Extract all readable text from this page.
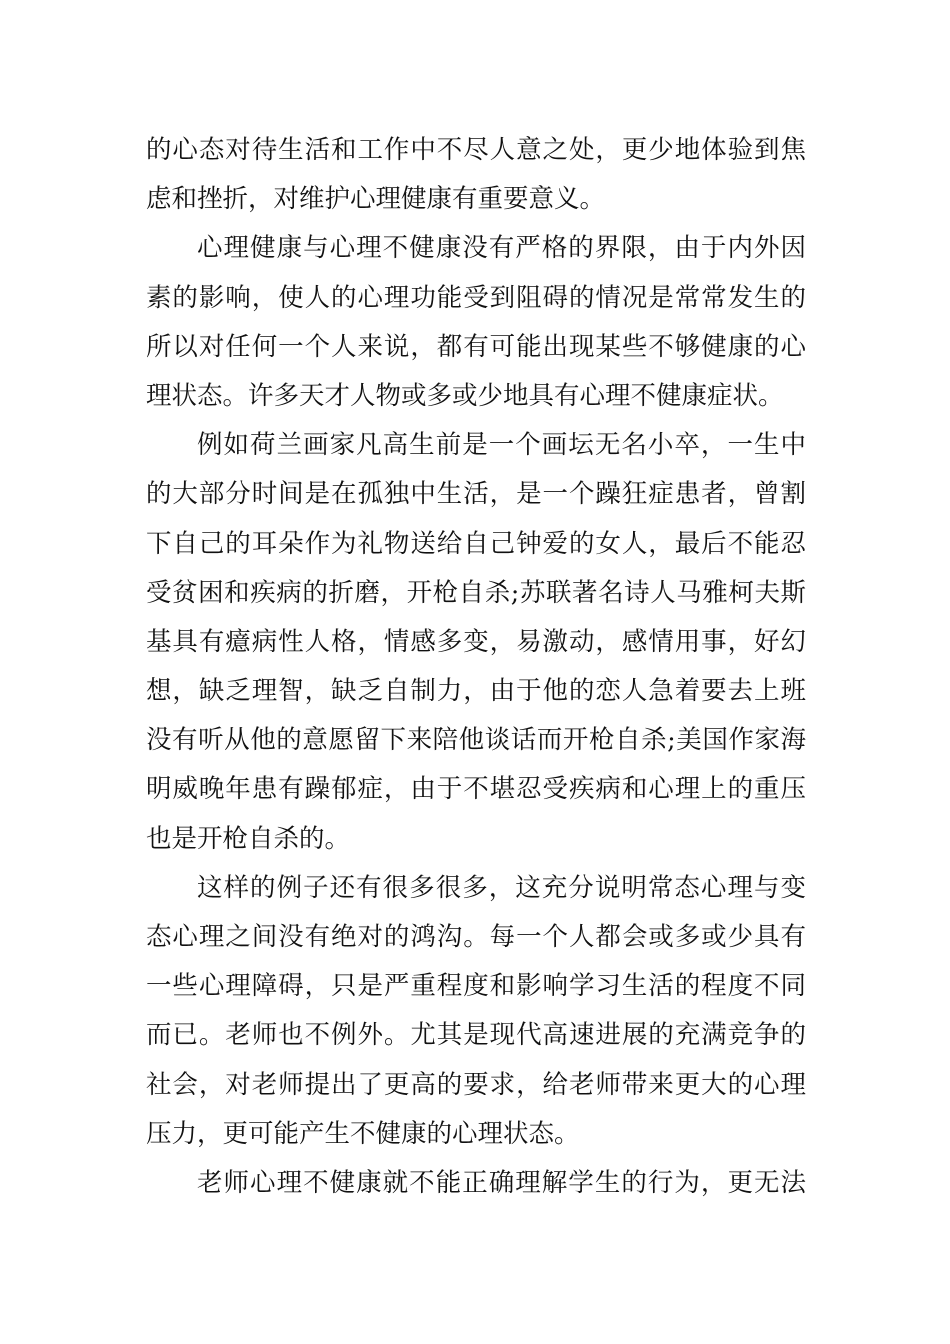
的心态对待生活和工作中不尽人意之处，更少地体验到焦
虑和挫折，对维护心理健康有重要意义。
心理健康与心理不健康没有严格的界限，由于内外因
素的影响，使人的心理功能受到阻碍的情况是常常发生的
所以对任何一个人来说，都有可能出现某些不够健康的心
理状态。许多天才人物或多或少地具有心理不健康症状。
例如荷兰画家凡高生前是一个画坛无名小卒，一生中
的大部分时间是在孤独中生活，是一个躁狂症患者，曾割
下自己的耳朵作为礼物送给自己钟爱的女人，最后不能忍
受贫困和疾病的折磨，开枪自杀;苏联著名诗人马雅柯夫斯
基具有癔病性人格，情感多变，易激动，感情用事，好幻
想，缺乏理智，缺乏自制力，由于他的恋人急着要去上班
没有听从他的意愿留下来陪他谈话而开枪自杀;美国作家海
明威晚年患有躁郁症，由于不堪忍受疾病和心理上的重压
也是开枪自杀的。
这样的例子还有很多很多，这充分说明常态心理与变
态心理之间没有绝对的鸿沟。每一个人都会或多或少具有
一些心理障碍，只是严重程度和影响学习生活的程度不同
而已。老师也不例外。尤其是现代高速进展的充满竞争的
社会，对老师提出了更高的要求，给老师带来更大的心理
压力，更可能产生不健康的心理状态。
老师心理不健康就不能正确理解学生的行为，更无法
